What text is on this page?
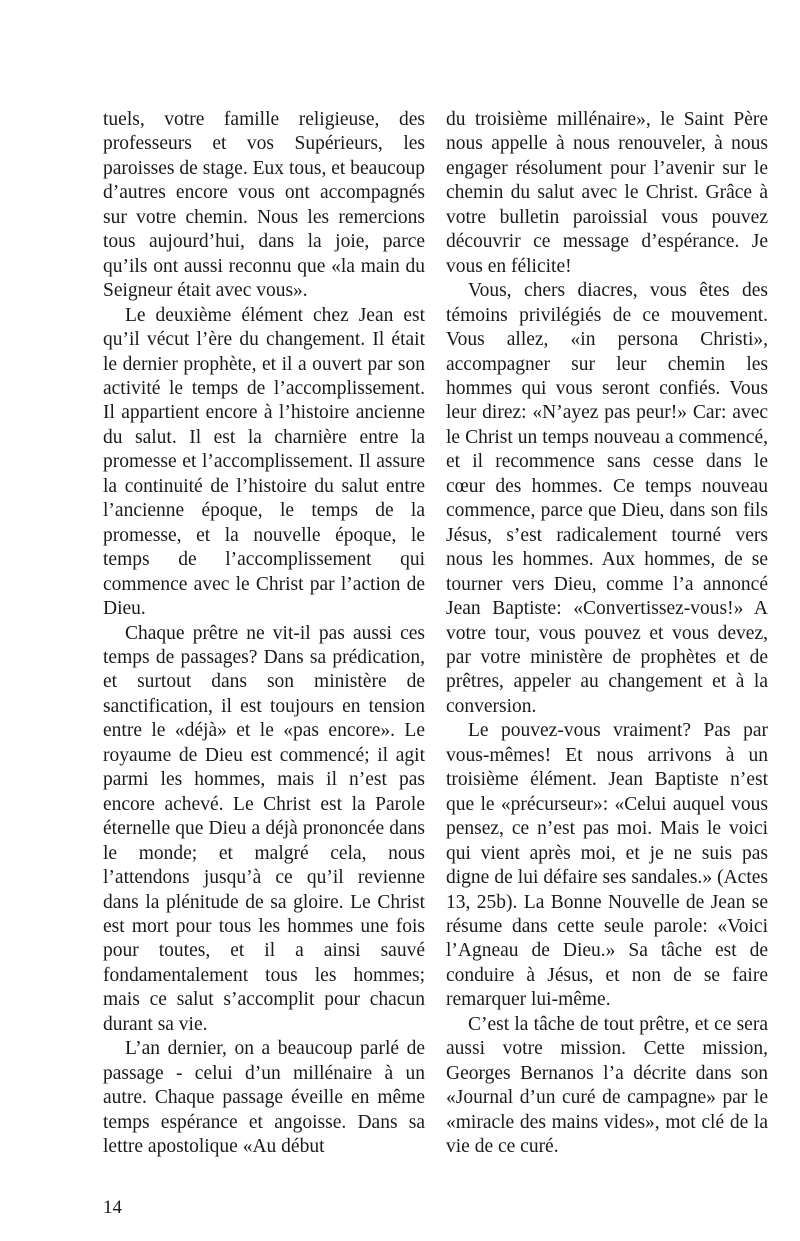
tuels, votre famille religieuse, des professeurs et vos Supérieurs, les paroisses de stage. Eux tous, et beaucoup d’autres encore vous ont accompagnés sur votre chemin. Nous les remercions tous aujourd’hui, dans la joie, parce qu’ils ont aussi reconnu que «la main du Seigneur était avec vous».

Le deuxième élément chez Jean est qu’il vécut l’ère du changement. Il était le dernier prophète, et il a ouvert par son activité le temps de l’accomplissement. Il appartient encore à l’histoire ancienne du salut. Il est la charnière entre la promesse et l’accomplissement. Il assure la continuité de l’histoire du salut entre l’ancienne époque, le temps de la promesse, et la nouvelle époque, le temps de l’accomplissement qui commence avec le Christ par l’action de Dieu.

Chaque prêtre ne vit-il pas aussi ces temps de passages? Dans sa prédication, et surtout dans son ministère de sanctification, il est toujours en tension entre le «déjà» et le «pas encore». Le royaume de Dieu est commencé; il agit parmi les hommes, mais il n’est pas encore achevé. Le Christ est la Parole éternelle que Dieu a déjà prononcée dans le monde; et malgré cela, nous l’attendons jusqu’à ce qu’il revienne dans la plénitude de sa gloire. Le Christ est mort pour tous les hommes une fois pour toutes, et il a ainsi sauvé fondamentalement tous les hommes; mais ce salut s’accomplit pour chacun durant sa vie.

L’an dernier, on a beaucoup parlé de passage - celui d’un millénaire à un autre. Chaque passage éveille en même temps espérance et angoisse. Dans sa lettre apostolique «Au début

du troisième millénaire», le Saint Père nous appelle à nous renouveler, à nous engager résolument pour l’avenir sur le chemin du salut avec le Christ. Grâce à votre bulletin paroissial vous pouvez découvrir ce message d’espérance. Je vous en félicite!

Vous, chers diacres, vous êtes des témoins privilégiés de ce mouvement. Vous allez, «in persona Christi», accompagner sur leur chemin les hommes qui vous seront confiés. Vous leur direz: «N’ayez pas peur!» Car: avec le Christ un temps nouveau a commencé, et il recommence sans cesse dans le cœur des hommes. Ce temps nouveau commence, parce que Dieu, dans son fils Jésus, s’est radicalement tourné vers nous les hommes. Aux hommes, de se tourner vers Dieu, comme l’a annoncé Jean Baptiste: «Convertissez-vous!» A votre tour, vous pouvez et vous devez, par votre ministère de prophètes et de prêtres, appeler au changement et à la conversion.

Le pouvez-vous vraiment? Pas par vous-mêmes! Et nous arrivons à un troisième élément. Jean Baptiste n’est que le «précurseur»: «Celui auquel vous pensez, ce n’est pas moi. Mais le voici qui vient après moi, et je ne suis pas digne de lui défaire ses sandales.» (Actes 13, 25b). La Bonne Nouvelle de Jean se résume dans cette seule parole: «Voici l’Agneau de Dieu.» Sa tâche est de conduire à Jésus, et non de se faire remarquer lui-même.

C’est la tâche de tout prêtre, et ce sera aussi votre mission. Cette mission, Georges Bernanos l’a décrite dans son «Journal d’un curé de campagne» par le «miracle des mains vides», mot clé de la vie de ce curé.

14
